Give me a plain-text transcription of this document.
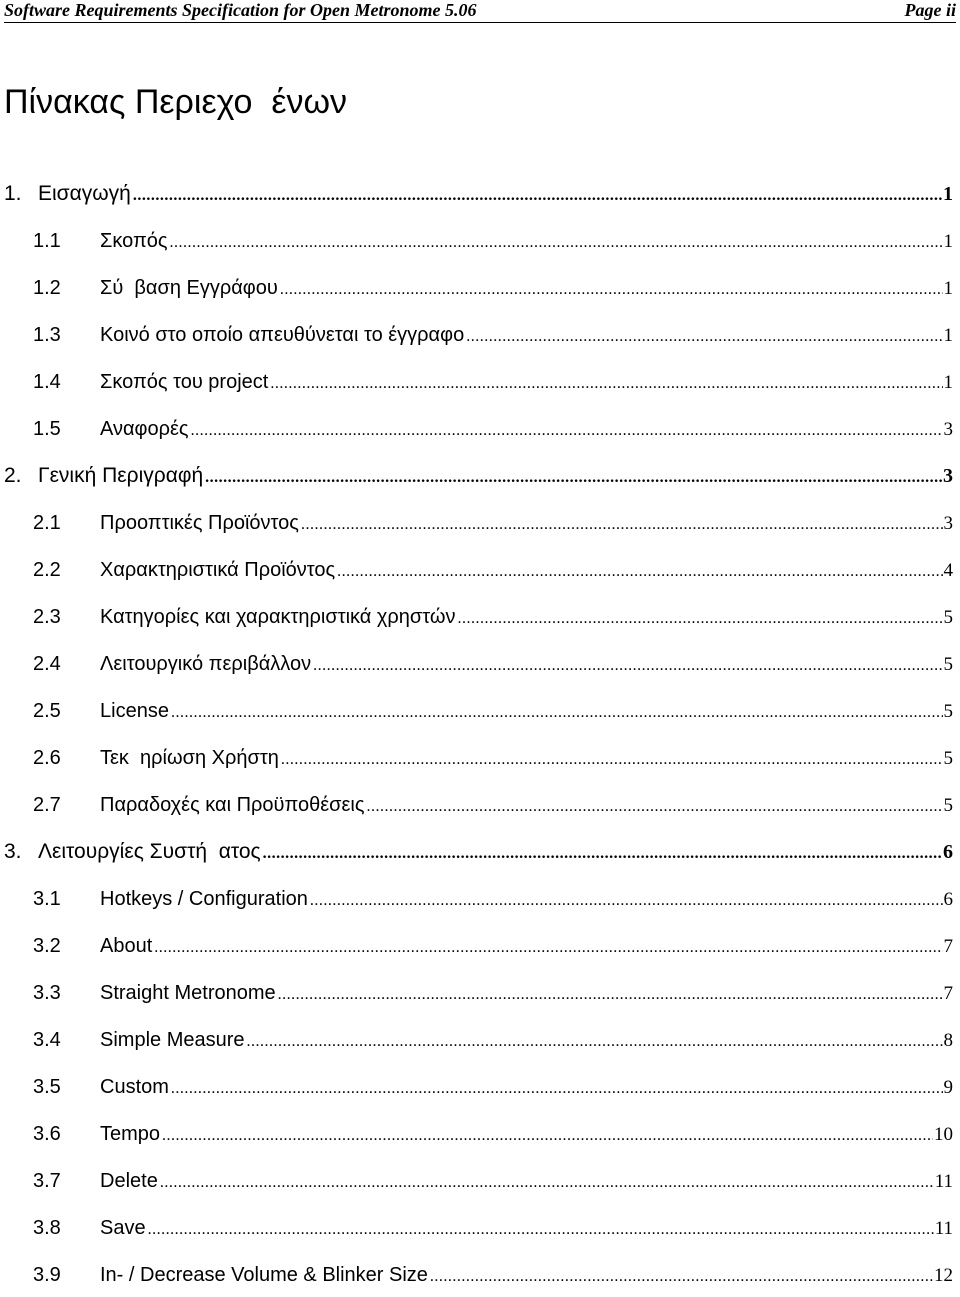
Software Requirements Specification for Open Metronome 5.06	Page ii
Πίνακας Περιεχο  ένων
1. Εισαγωγή .....	1
1.1 Σκοπός .....	1
1.2 Σύ  βαση Εγγράφου .....	1
1.3 Κοινό στο οποίο απευθύνεται το έγγραφο .....	1
1.4 Σκοπός του project .....	1
1.5 Αναφορές .....	3
2. Γενική Περιγραφή .....	3
2.1 Προοπτικές Προϊόντος .....	3
2.2 Χαρακτηριστικά Προϊόντος .....	4
2.3 Κατηγορίες και χαρακτηριστικά χρηστών .....	5
2.4 Λειτουργικό περιβάλλον .....	5
2.5 License .....	5
2.6 Τεκ  ηρίωση Χρήστη .....	5
2.7 Παραδοχές και Προϋποθέσεις .....	5
3. Λειτουργίες Συστή  ατος .....	6
3.1 Hotkeys / Configuration .....	6
3.2 About .....	7
3.3 Straight Metronome .....	7
3.4 Simple Measure .....	8
3.5 Custom .....	9
3.6 Tempo .....	10
3.7 Delete .....	11
3.8 Save .....	11
3.9 In- / Decrease Volume & Blinker Size .....	12
